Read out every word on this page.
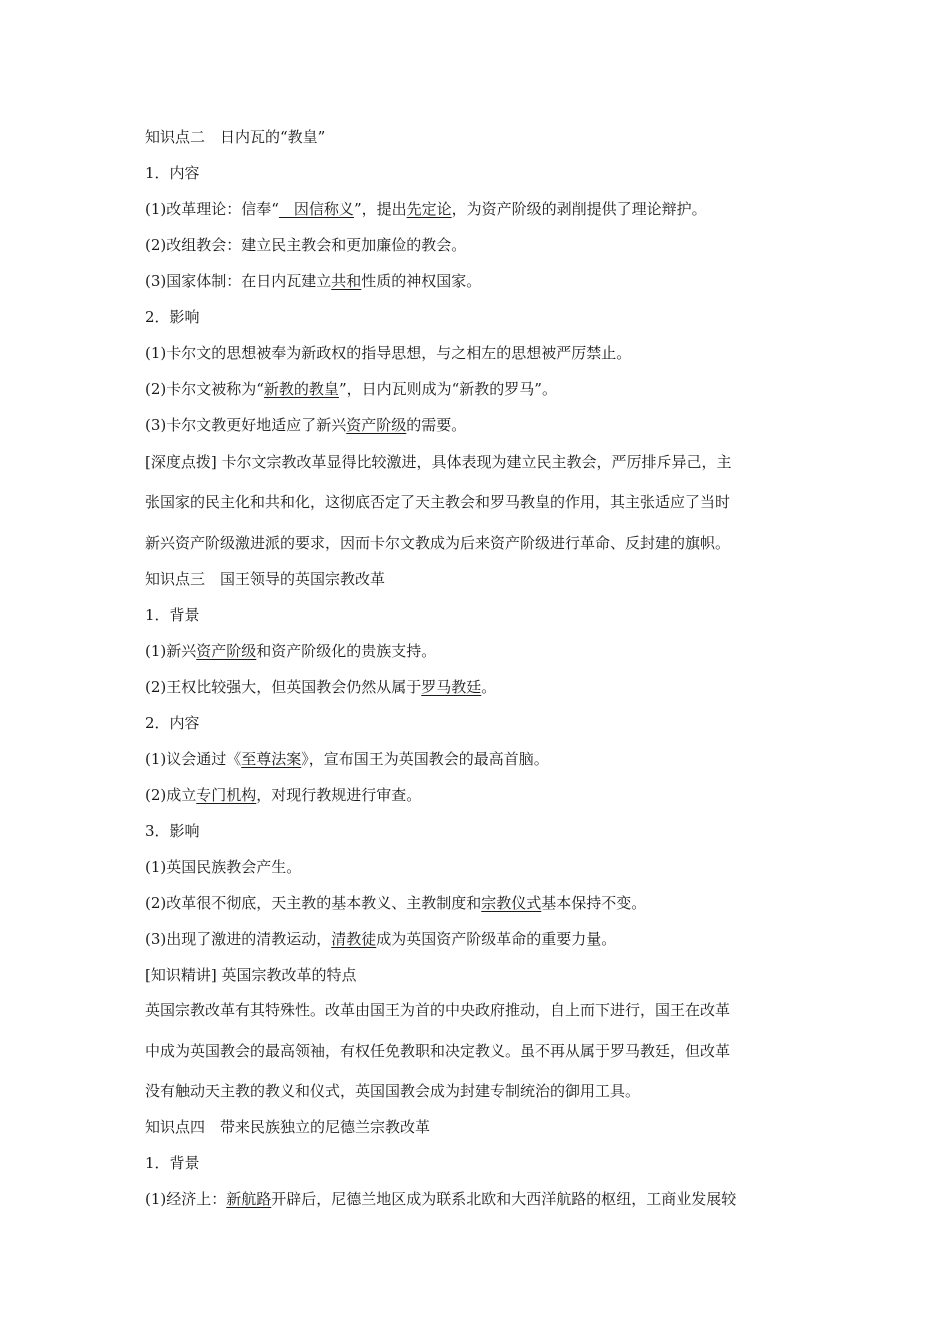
知识点二　日内瓦的“教皇”
1．内容
(1)改革理论：信奉“　因信称义”，提出先定论，为资产阶级的剥削提供了理论辩护。
(2)改组教会：建立民主教会和更加廉俭的教会。
(3)国家体制：在日内瓦建立共和性质的神权国家。
2．影响
(1)卡尔文的思想被奉为新政权的指导思想，与之相左的思想被严厉禁止。
(2)卡尔文被称为“新教的教皇”，日内瓦则成为“新教的罗马”。
(3)卡尔文教更好地适应了新兴资产阶级的需要。
[深度点拨] 卡尔文宗教改革显得比较激进，具体表现为建立民主教会，严厉排斥异己，主
张国家的民主化和共和化，这彻底否定了天主教会和罗马教皇的作用，其主张适应了当时
新兴资产阶级激进派的要求，因而卡尔文教成为后来资产阶级进行革命、反封建的旗帜。
知识点三　国王领导的英国宗教改革
1．背景
(1)新兴资产阶级和资产阶级化的贵族支持。
(2)王权比较强大，但英国教会仍然从属于罗马教廷。
2．内容
(1)议会通过《至尊法案》，宣布国王为英国教会的最高首脑。
(2)成立专门机构，对现行教规进行审查。
3．影响
(1)英国民族教会产生。
(2)改革很不彻底，天主教的基本教义、主教制度和宗教仪式基本保持不变。
(3)出现了激进的清教运动，清教徒成为英国资产阶级革命的重要力量。
[知识精讲] 英国宗教改革的特点
英国宗教改革有其特殊性。改革由国王为首的中央政府推动，自上而下进行，国王在改革
中成为英国教会的最高领袖，有权任免教职和决定教义。虽不再从属于罗马教廷，但改革
没有触动天主教的教义和仪式，英国国教会成为封建专制统治的御用工具。
知识点四　带来民族独立的尼德兰宗教改革
1．背景
(1)经济上：新航路开辟后，尼德兰地区成为联系北欧和大西洋航路的枢纽，工商业发展较
